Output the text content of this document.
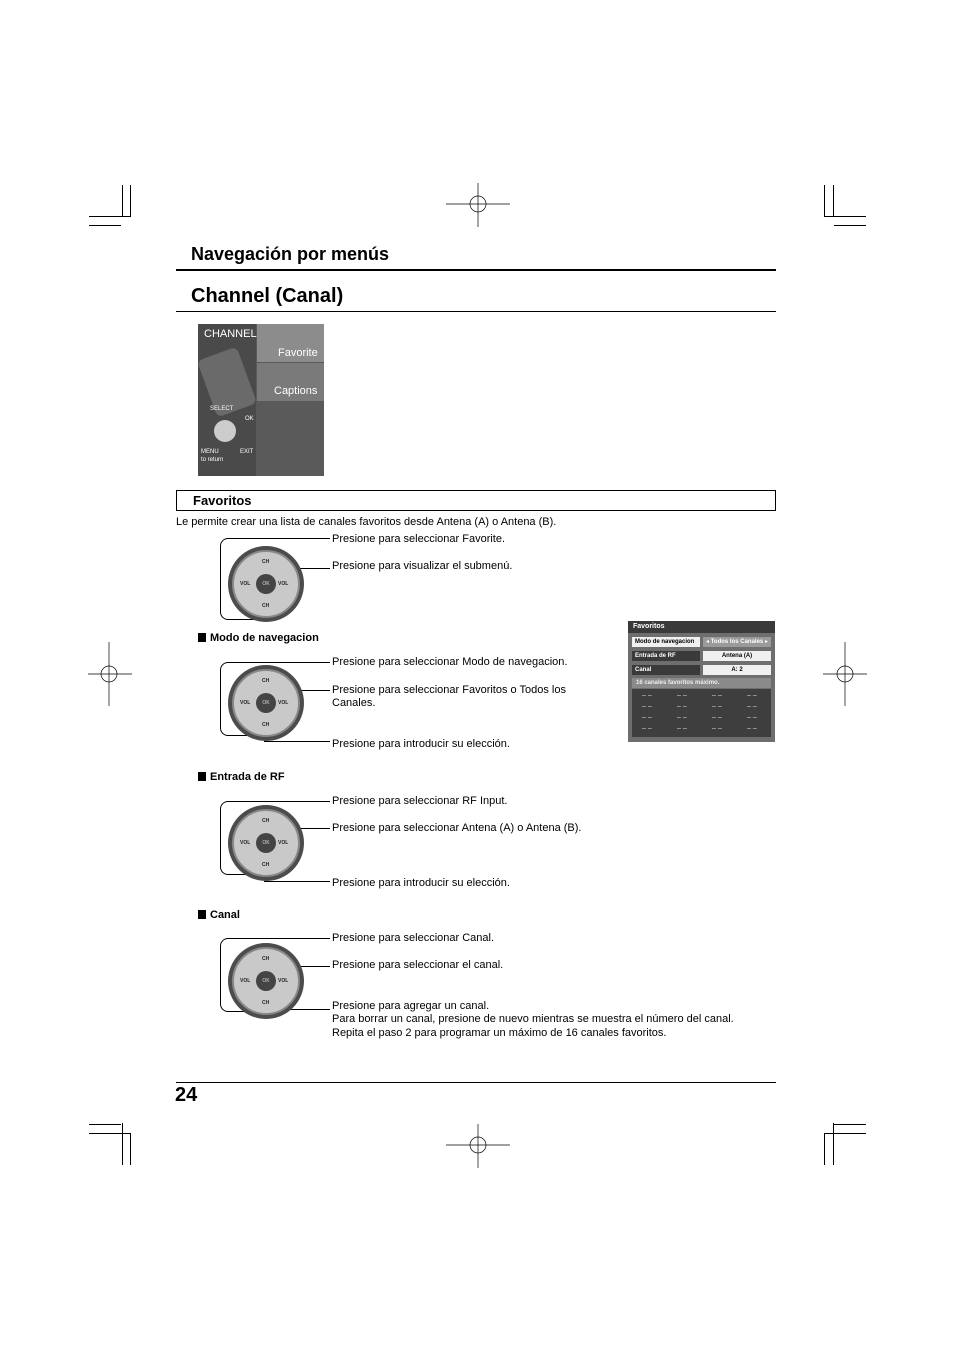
Navegación por menús
Channel (Canal)
CHANNEL
Favorite
Captions
SELECT
OK
MENU
to return
EXIT
Favoritos
Le permite crear una lista de canales favoritos desde Antena (A) o Antena (B).
OK
CH
CH
VOL	VOL
Presione para seleccionar Favorite.
Presione para visualizar el submenú.
Modo de navegacion
OK
CH
CH
VOL	VOL
Presione para seleccionar Modo de navegacion.
Presione para seleccionar Favoritos o Todos los
Canales.
Presione para introducir su elección.
Favoritos
Modo de navegacion	◂ Todos los Canales ▸
Entrada de RF	Antena (A)
Canal	A: 2
16 canales favoritos máximo.
– –	– –	– –	– –
– –	– –	– –	– –
– –	– –	– –	– –
– –	– –	– –	– –
Entrada de RF
OK
CH
CH
VOL	VOL
Presione para seleccionar RF Input.
Presione para seleccionar Antena (A) o Antena (B).
Presione para introducir su elección.
Canal
OK
CH
CH
VOL	VOL
Presione para seleccionar Canal.
Presione para seleccionar el canal.
Presione para agregar un canal.
Para borrar un canal, presione de nuevo mientras se muestra el número del canal.
Repita el paso 2 para programar un máximo de 16 canales favoritos.
24
